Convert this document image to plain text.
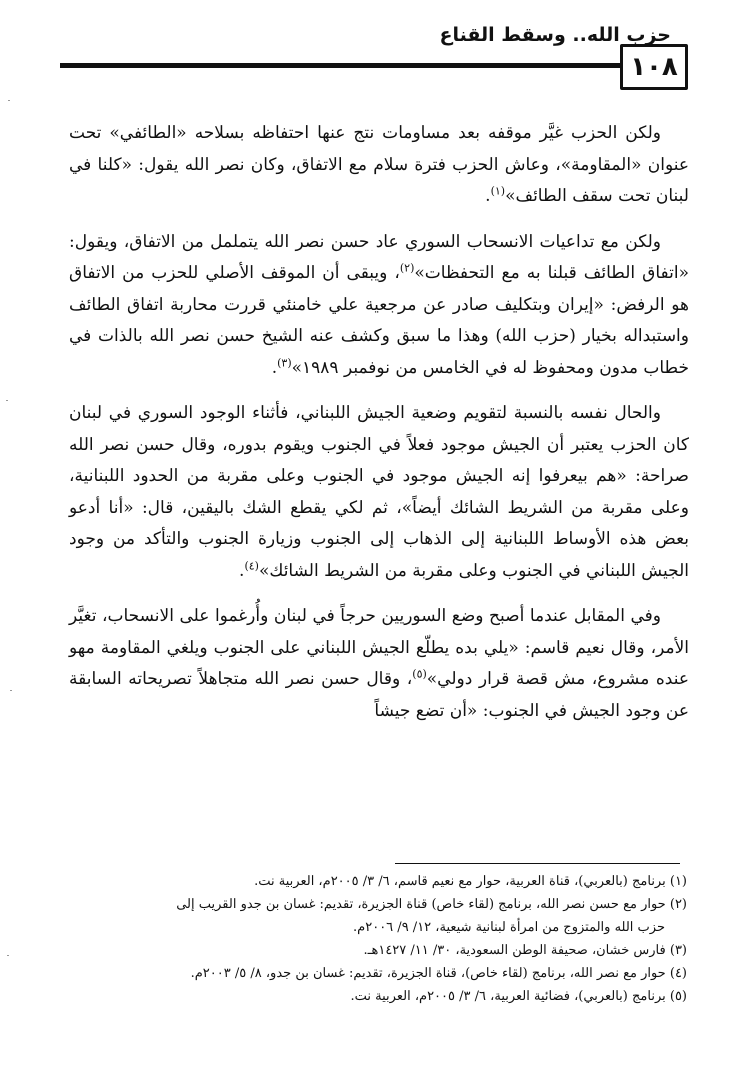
حزب الله.. وسقط القناع
١٠٨

ولكن الحزب غيَّر موقفه بعد مساومات نتج عنها احتفاظه بسلاحه «الطائفي» تحت عنوان «المقاومة»، وعاش الحزب فترة سلام مع الاتفاق، وكان نصر الله يقول: «كلنا في لبنان تحت سقف الطائف»$^{(١)}$.

ولكن مع تداعيات الانسحاب السوري عاد حسن نصر الله يتململ من الاتفاق، ويقول: «اتفاق الطائف قبلنا به مع التحفظات»$^{(٢)}$، ويبقى أن الموقف الأصلي للحزب من الاتفاق هو الرفض: «إيران وبتكليف صادر عن مرجعية علي خامنئي قررت محاربة اتفاق الطائف واستبداله بخيار (حزب الله) وهذا ما سبق وكشف عنه الشيخ حسن نصر الله بالذات في خطاب مدون ومحفوظ له في الخامس من نوفمبر ١٩٨٩»$^{(٣)}$.

والحال نفسه بالنسبة لتقويم وضعية الجيش اللبناني، فأثناء الوجود السوري في لبنان كان الحزب يعتبر أن الجيش موجود فعلاً في الجنوب ويقوم بدوره، وقال حسن نصر الله صراحة: «هم بيعرفوا إنه الجيش موجود في الجنوب وعلى مقربة من الحدود اللبنانية، وعلى مقربة من الشريط الشائك أيضاً»، ثم لكي يقطع الشك باليقين، قال: «أنا أدعو بعض هذه الأوساط اللبنانية إلى الذهاب إلى الجنوب وزيارة الجنوب والتأكد من وجود الجيش اللبناني في الجنوب وعلى مقربة من الشريط الشائك»$^{(٤)}$.

وفي المقابل عندما أصبح وضع السوريين حرجاً في لبنان وأُرغموا على الانسحاب، تغيَّر الأمر، وقال نعيم قاسم: «يلي بده يطلّع الجيش اللبناني على الجنوب ويلغي المقاومة مهو عنده مشروع، مش قصة قرار دولي»$^{(٥)}$، وقال حسن نصر الله متجاهلاً تصريحاته السابقة عن وجود الجيش في الجنوب: «أن تضع جيشاً

(١) برنامج (بالعربي)، قناة العربية، حوار مع نعيم قاسم، ٦/ ٣/ ٢٠٠٥م، العربية نت.

(٢) حوار مع حسن نصر الله، برنامج (لقاء خاص) قناة الجزيرة، تقديم: غسان بن جدو القريب إلى

حزب الله والمتزوج من امرأة لبنانية شيعية، ١٢/ ٩/ ٢٠٠٦م.

(٣) فارس خشان، صحيفة الوطن السعودية، ٣٠/ ١١/ ١٤٢٧هـ.

(٤) حوار مع نصر الله، برنامج (لقاء خاص)، قناة الجزيرة، تقديم: غسان بن جدو، ٨/ ٥/ ٢٠٠٣م.

(٥) برنامج (بالعربي)، فضائية العربية، ٦/ ٣/ ٢٠٠٥م، العربية نت.
